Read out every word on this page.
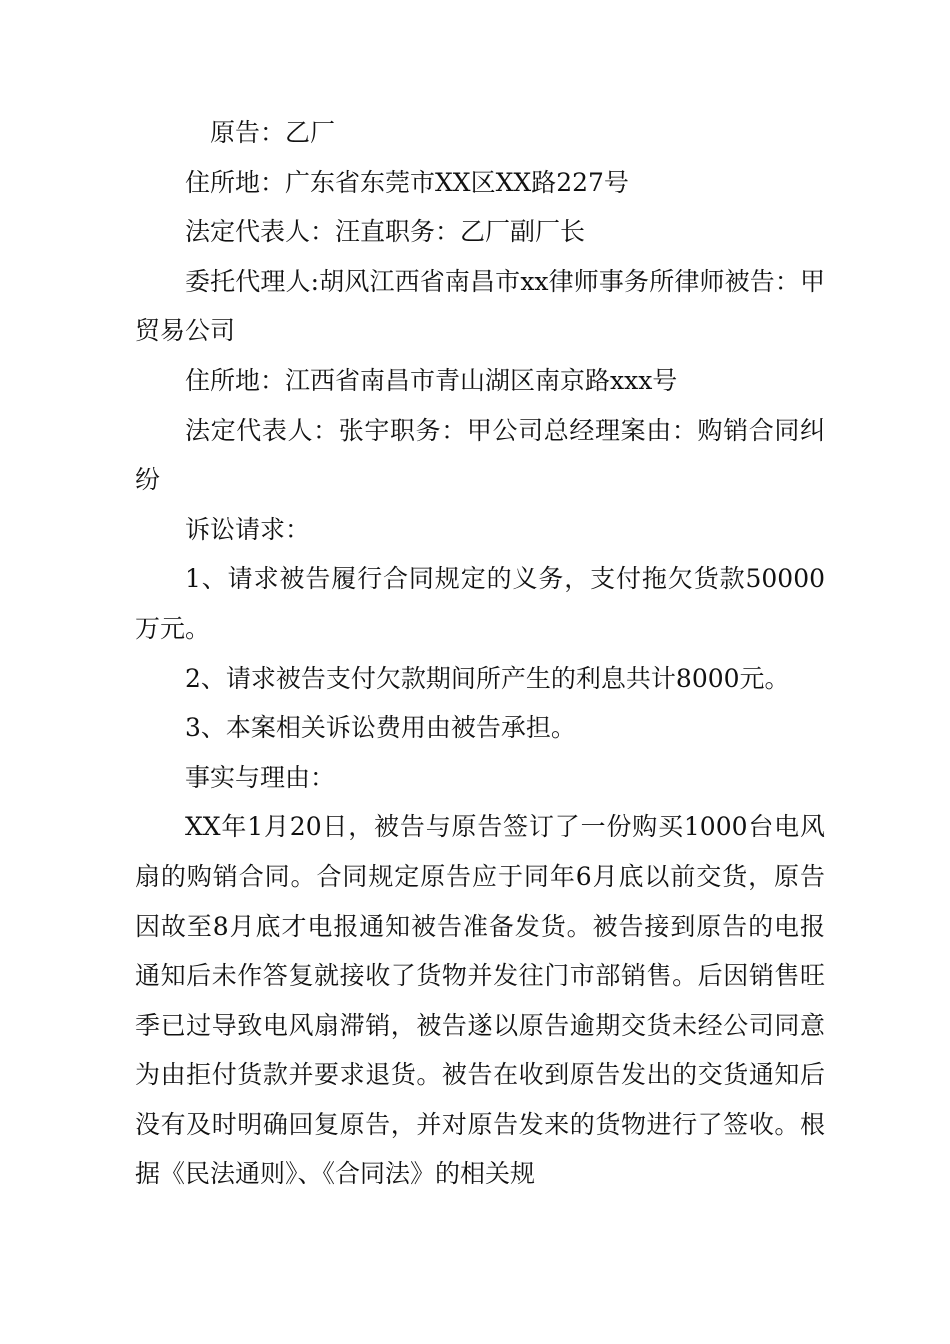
原告：乙厂

住所地：广东省东莞市XX区XX路227号

法定代表人：汪直职务：乙厂副厂长

委托代理人:胡风江西省南昌市xx律师事务所律师被告：甲贸易公司

住所地：江西省南昌市青山湖区南京路xxx号

法定代表人：张宇职务：甲公司总经理案由：购销合同纠纷

诉讼请求：

1、请求被告履行合同规定的义务，支付拖欠货款50000万元。

2、请求被告支付欠款期间所产生的利息共计8000元。

3、本案相关诉讼费用由被告承担。

事实与理由：

XX年1月20日，被告与原告签订了一份购买1000台电风扇的购销合同。合同规定原告应于同年6月底以前交货，原告因故至8月底才电报通知被告准备发货。被告接到原告的电报通知后未作答复就接收了货物并发往门市部销售。后因销售旺季已过导致电风扇滞销，被告遂以原告逾期交货未经公司同意为由拒付货款并要求退货。被告在收到原告发出的交货通知后没有及时明确回复原告，并对原告发来的货物进行了签收。根据《民法通则》、《合同法》的相关规
